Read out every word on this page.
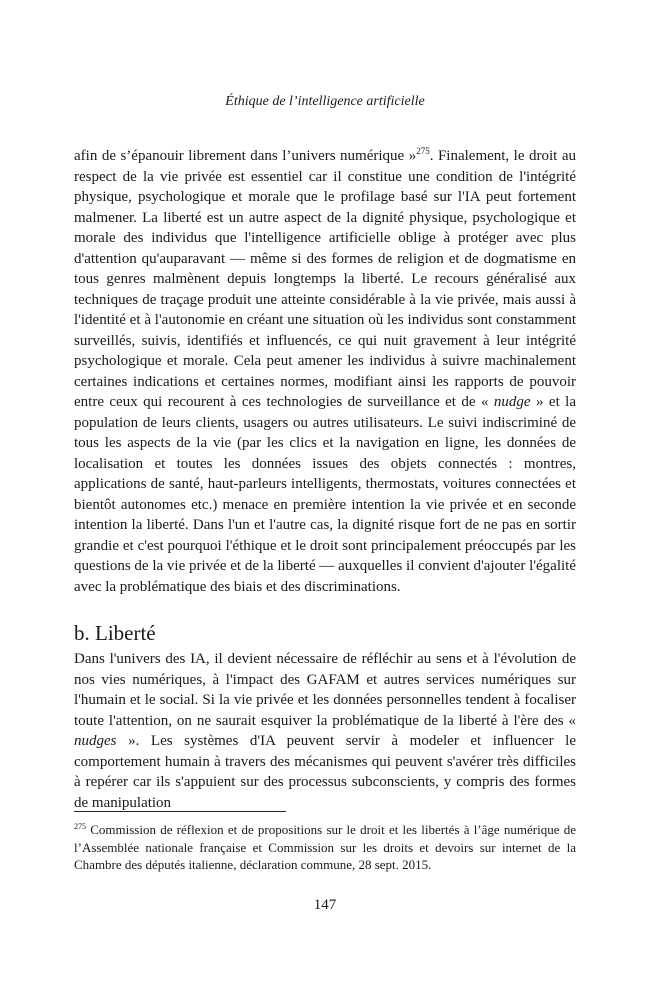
Éthique de l’intelligence artificielle

afin de s’épanouir librement dans l’univers numérique »$^{275}$. Finalement, le droit au respect de la vie privée est essentiel car il constitue une condition de l'intégrité physique, psychologique et morale que le profilage basé sur l'IA peut fortement malmener. La liberté est un autre aspect de la dignité physique, psychologique et morale des individus que l'intelligence artificielle oblige à protéger avec plus d'attention qu'auparavant — même si des formes de religion et de dogmatisme en tous genres malmènent depuis longtemps la liberté. Le recours généralisé aux techniques de traçage produit une atteinte considérable à la vie privée, mais aussi à l'identité et à l'autonomie en créant une situation où les individus sont constamment surveillés, suivis, identifiés et influencés, ce qui nuit gravement à leur intégrité psychologique et morale. Cela peut amener les individus à suivre machinalement certaines indications et certaines normes, modifiant ainsi les rapports de pouvoir entre ceux qui recourent à ces technologies de surveillance et de « nudge » et la population de leurs clients, usagers ou autres utilisateurs. Le suivi indiscriminé de tous les aspects de la vie (par les clics et la navigation en ligne, les données de localisation et toutes les données issues des objets connectés : montres, applications de santé, haut-parleurs intelligents, thermostats, voitures connectées et bientôt autonomes etc.) menace en première intention la vie privée et en seconde intention la liberté. Dans l'un et l'autre cas, la dignité risque fort de ne pas en sortir grandie et c'est pourquoi l'éthique et le droit sont principalement préoccupés par les questions de la vie privée et de la liberté — auxquelles il convient d'ajouter l'égalité avec la problématique des biais et des discriminations.

b. Liberté

Dans l'univers des IA, il devient nécessaire de réfléchir au sens et à l'évolution de nos vies numériques, à l'impact des GAFAM et autres services numériques sur l'humain et le social. Si la vie privée et les données personnelles tendent à focaliser toute l'attention, on ne saurait esquiver la problématique de la liberté à l'ère des « nudges ». Les systèmes d'IA peuvent servir à modeler et influencer le comportement humain à travers des mécanismes qui peuvent s'avérer très difficiles à repérer car ils s'appuient sur des processus subconscients, y compris des formes de manipulation

$^{275}$ Commission de réflexion et de propositions sur le droit et les libertés à l’âge numérique de l’Assemblée nationale française et Commission sur les droits et devoirs sur internet de la Chambre des députés italienne, déclaration commune, 28 sept. 2015.

147
